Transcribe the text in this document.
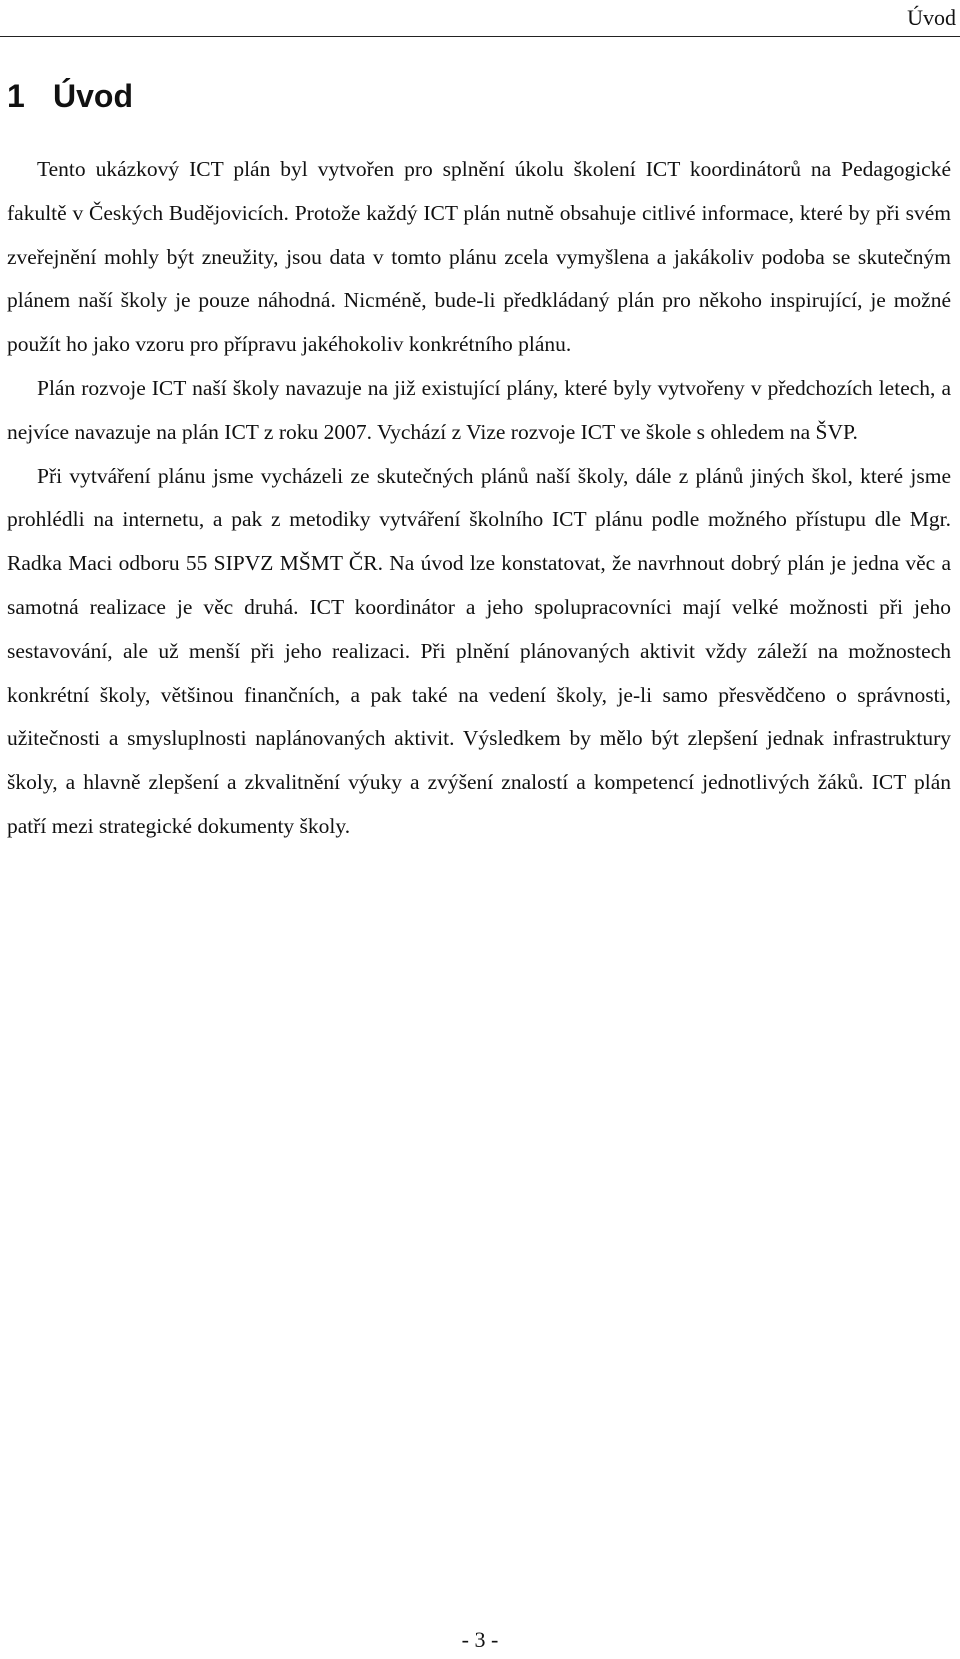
Úvod
1 Úvod

Tento ukázkový ICT plán byl vytvořen pro splnění úkolu školení ICT koordinátorů na Pedagogické fakultě v Českých Budějovicích. Protože každý ICT plán nutně obsahuje citlivé informace, které by při svém zveřejnění mohly být zneužity, jsou data v tomto plánu zcela vymyšlena a jakákoliv podoba se skutečným plánem naší školy je pouze náhodná. Nicméně, bude-li předkládaný plán pro někoho inspirující, je možné použít ho jako vzoru pro přípravu jakéhokoliv konkrétního plánu.

Plán rozvoje ICT naší školy navazuje na již existující plány, které byly vytvořeny v předchozích letech, a nejvíce navazuje na plán ICT z roku 2007. Vychází z Vize rozvoje ICT ve škole s ohledem na ŠVP.

Při vytváření plánu jsme vycházeli ze skutečných plánů naší školy, dále z plánů jiných škol, které jsme prohlédli na internetu, a pak z metodiky vytváření školního ICT plánu podle možného přístupu dle Mgr. Radka Maci odboru 55 SIPVZ MŠMT ČR. Na úvod lze konstatovat, že navrhnout dobrý plán je jedna věc a samotná realizace je věc druhá. ICT koordinátor a jeho spolupracovníci mají velké možnosti při jeho sestavování, ale už menší při jeho realizaci. Při plnění plánovaných aktivit vždy záleží na možnostech konkrétní školy, většinou finančních, a pak také na vedení školy, je-li samo přesvědčeno o správnosti, užitečnosti a smysluplnosti naplánovaných aktivit. Výsledkem by mělo být zlepšení jednak infrastruktury školy, a hlavně zlepšení a zkvalitnění výuky a zvýšení znalostí a kompetencí jednotlivých žáků. ICT plán patří mezi strategické dokumenty školy.

- 3 -
